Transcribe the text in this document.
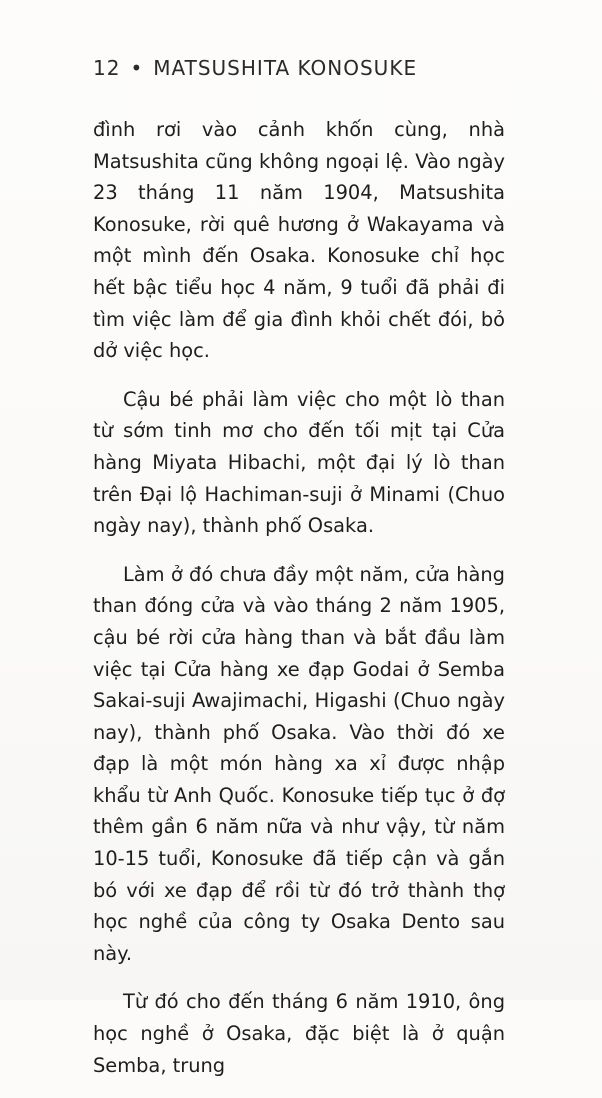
12 • MATSUSHITA KONOSUKE

đình rơi vào cảnh khốn cùng, nhà Matsushita cũng không ngoại lệ. Vào ngày 23 tháng 11 năm 1904, Matsushita Konosuke, rời quê hương ở Wakayama và một mình đến Osaka. Konosuke chỉ học hết bậc tiểu học 4 năm, 9 tuổi đã phải đi tìm việc làm để gia đình khỏi chết đói, bỏ dở việc học.

Cậu bé phải làm việc cho một lò than từ sớm tinh mơ cho đến tối mịt tại Cửa hàng Miyata Hibachi, một đại lý lò than trên Đại lộ Hachiman-suji ở Minami (Chuo ngày nay), thành phố Osaka.

Làm ở đó chưa đầy một năm, cửa hàng than đóng cửa và vào tháng 2 năm 1905, cậu bé rời cửa hàng than và bắt đầu làm việc tại Cửa hàng xe đạp Godai ở Semba Sakai-suji Awajimachi, Higashi (Chuo ngày nay), thành phố Osaka. Vào thời đó xe đạp là một món hàng xa xỉ được nhập khẩu từ Anh Quốc. Konosuke tiếp tục ở đợ thêm gần 6 năm nữa và như vậy, từ năm 10-15 tuổi, Konosuke đã tiếp cận và gắn bó với xe đạp để rồi từ đó trở thành thợ học nghề của công ty Osaka Dento sau này.

Từ đó cho đến tháng 6 năm 1910, ông học nghề ở Osaka, đặc biệt là ở quận Semba, trung
